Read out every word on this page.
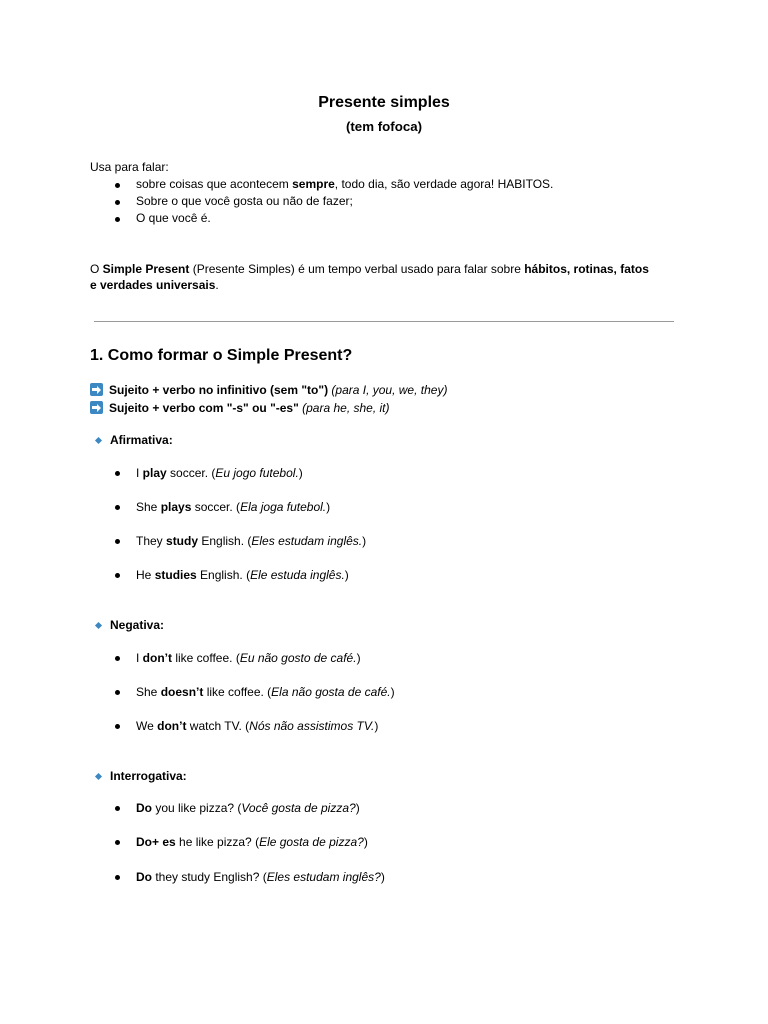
Presente simples
(tem fofoca)
Usa para falar:
sobre coisas que acontecem sempre, todo dia, são verdade agora! HABITOS.
Sobre o que você gosta ou não de fazer;
O que você é.
O Simple Present (Presente Simples) é um tempo verbal usado para falar sobre hábitos, rotinas, fatos
e verdades universais.
1. Como formar o Simple Present?
Sujeito + verbo no infinitivo (sem "to") (para I, you, we, they)
Sujeito + verbo com "-s" ou "-es" (para he, she, it)
Afirmativa:
I play soccer. (Eu jogo futebol.)
She plays soccer. (Ela joga futebol.)
They study English. (Eles estudam inglês.)
He studies English. (Ele estuda inglês.)
Negativa:
I don’t like coffee. (Eu não gosto de café.)
She doesn’t like coffee. (Ela não gosta de café.)
We don’t watch TV. (Nós não assistimos TV.)
Interrogativa:
Do you like pizza? (Você gosta de pizza?)
Do+ es he like pizza? (Ele gosta de pizza?)
Do they study English? (Eles estudam inglês?)
